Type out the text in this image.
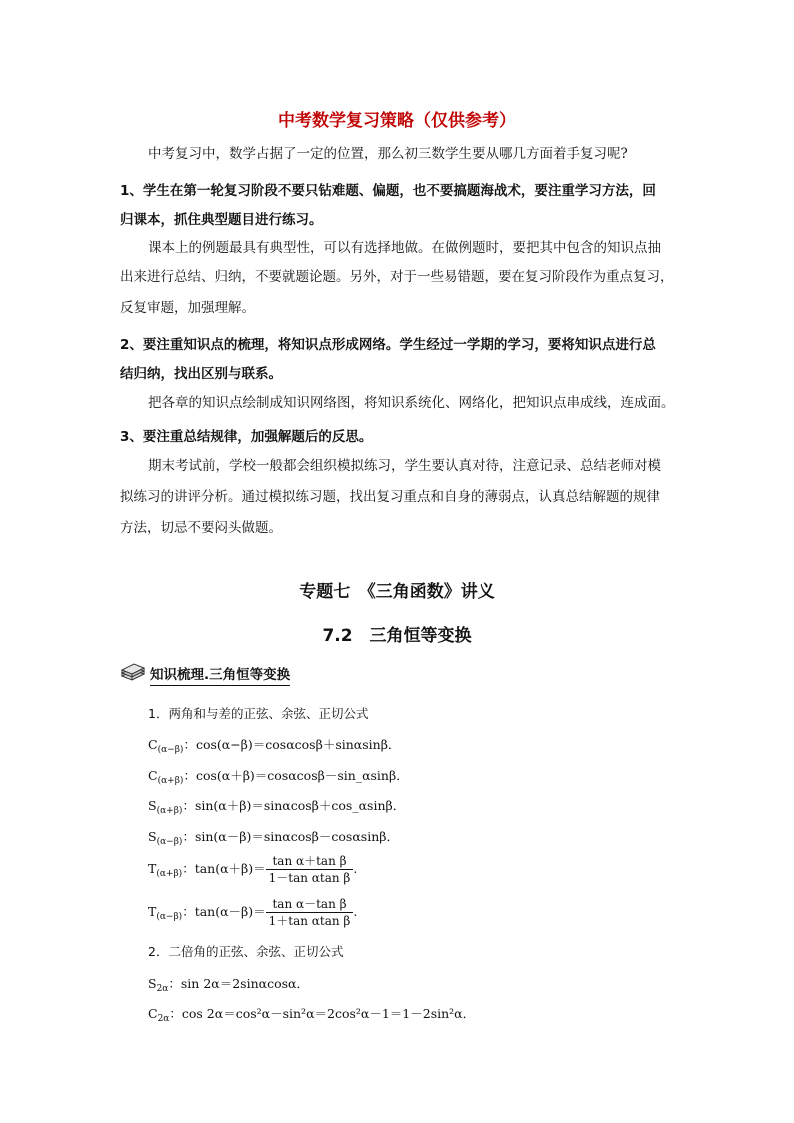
中考数学复习策略（仅供参考）
中考复习中，数学占据了一定的位置，那么初三数学生要从哪几方面着手复习呢?
1、学生在第一轮复习阶段不要只钻难题、偏题，也不要搞题海战术，要注重学习方法，回
归课本，抓住典型题目进行练习。
课本上的例题最具有典型性，可以有选择地做。在做例题时，要把其中包含的知识点抽
出来进行总结、归纳，不要就题论题。另外，对于一些易错题，要在复习阶段作为重点复习，
反复审题，加强理解。
2、要注重知识点的梳理，将知识点形成网络。学生经过一学期的学习，要将知识点进行总
结归纳，找出区别与联系。
把各章的知识点绘制成知识网络图，将知识系统化、网络化，把知识点串成线，连成面。
3、要注重总结规律，加强解题后的反思。
期末考试前，学校一般都会组织模拟练习，学生要认真对待，注意记录、总结老师对模
拟练习的讲评分析。通过模拟练习题，找出复习重点和自身的薄弱点，认真总结解题的规律
方法，切忌不要闷头做题。
专题七　《三角函数》讲义
7.2　三角恒等变换
知识梳理.三角恒等变换
1．两角和与差的正弦、余弦、正切公式
$C_{(\alpha-\beta)}$：cos(α−β)＝cosαcosβ＋sinαsinβ．
$C_{(\alpha+\beta)}$：cos(α＋β)＝cosαcosβ－sin_αsinβ．
$S_{(\alpha+\beta)}$：sin(α＋β)＝sinαcosβ＋cos_αsinβ．
$S_{(\alpha-\beta)}$：sin(α－β)＝sinαcosβ－cosαsinβ．
$T_{(\alpha+\beta)}$：$\tan(\alpha+\beta)= \frac{\text{tan α＋tan β}}{\text{1－tan αtan β}}$ .
$T_{(\alpha-\beta)}$：$\tan(\alpha-\beta)= \frac{\text{tan α－tan β}}{\text{1＋tan αtan β}}$ .
2．二倍角的正弦、余弦、正切公式
$S_{2\alpha}$：sin 2α＝2sinαcosα．
$C_{2\alpha}$：cos 2α＝cos²α－sin²α＝2cos²α－1＝1－2sin²α．
